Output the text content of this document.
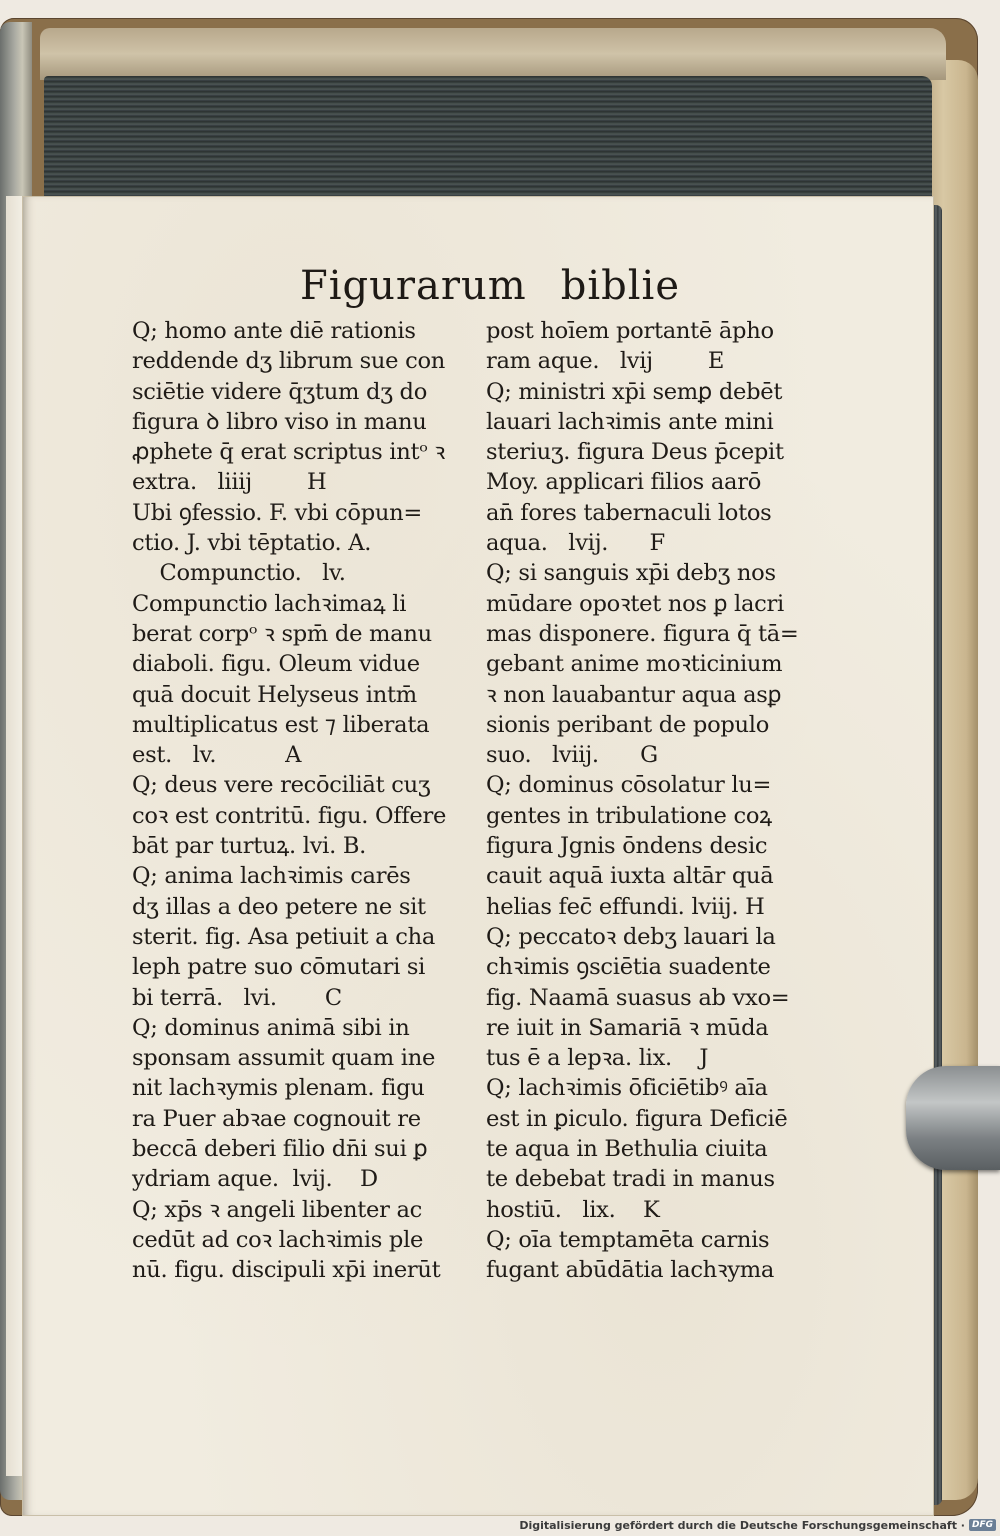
Figurarum biblie
Q; homo ante diē rationis
reddende dʒ librum sue con
sciētie videre q̄ʒtum dʒ do
figura ꝺ libro viso in manu
ꝓphete q̄ erat scriptus intᵒ ꝛ
extra.   liiij        H
Ubi ꝯfessio. F. vbi cōpun=
ctio. J. vbi tēptatio. A.
Compunctio.   lv.
Compunctio lachꝛimaꝝ li
berat corpᵒ ꝛ spm̄ de manu
diaboli. figu. Oleum vidue
quā docuit Helyseus intm̄
multiplicatus est ⁊ liberata
est.   lv.          A
Q; deus vere recōciliāt cuʒ
coꝛ est contritū. figu. Offere
bāt par turtuꝝ. lvi. B.
Q; anima lachꝛimis carēs
dʒ illas a deo petere ne sit
sterit. fig. Asa petiuit a cha
leph patre suo cōmutari si
bi terrā.   lvi.       C
Q; dominus animā sibi in
sponsam assumit quam ine
nit lachꝛymis plenam. figu
ra Puer abꝛae cognouit re
beccā deberi filio dn̄i sui ꝑ
ydriam aque.  lvij.    D
Q; xp̄s ꝛ angeli libenter ac
cedūt ad coꝛ lachꝛimis ple
nū. figu. discipuli xp̄i inerūt
post hoīem portantē āpho
ram aque.   lvij        E
Q; ministri xp̄i semꝑ debēt
lauari lachꝛimis ante mini
steriuʒ. figura Deus p̄cepit
Moy. applicari filios aarō
an̄ fores tabernaculi lotos
aqua.   lvij.      F
Q; si sanguis xp̄i debʒ nos
mūdare opoꝛtet nos ꝑ lacri
mas disponere. figura q̄ tā=
gebant anime moꝛticinium
ꝛ non lauabantur aqua asꝑ
sionis peribant de populo
suo.   lviij.      G
Q; dominus cōsolatur lu=
gentes in tribulatione coꝝ
figura Jgnis ōndens desic
cauit aquā iuxta altār quā
helias fec̄ effundi. lviij. H
Q; peccatoꝛ debʒ lauari la
chꝛimis ꝯsciētia suadente
fig. Naamā suasus ab vxo=
re iuit in Samariā ꝛ mūda
tus ē a lepꝛa. lix.    J
Q; lachꝛimis ōficiētibꝰ aīa
est in ꝑiculo. figura Deficiē
te aqua in Bethulia ciuita
te debebat tradi in manus
hostiū.   lix.    K
Q; oīa temptamēta carnis
fugant abūdātia lachꝛyma
Digitalisierung gefördert durch die Deutsche Forschungsgemeinschaft · DFG
